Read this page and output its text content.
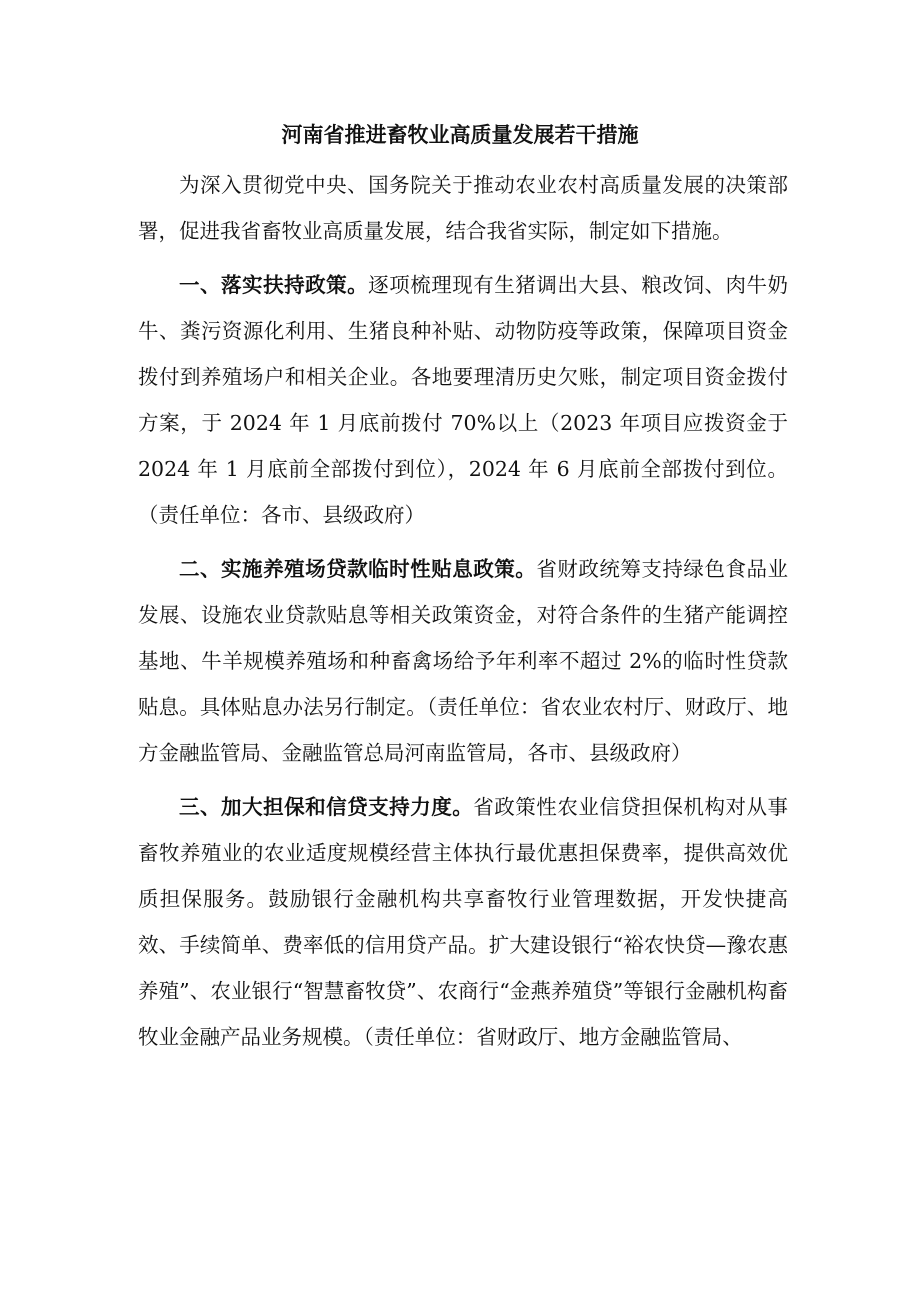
河南省推进畜牧业高质量发展若干措施

为深入贯彻党中央、国务院关于推动农业农村高质量发展的决策部署，促进我省畜牧业高质量发展，结合我省实际，制定如下措施。

一、落实扶持政策。逐项梳理现有生猪调出大县、粮改饲、肉牛奶牛、粪污资源化利用、生猪良种补贴、动物防疫等政策，保障项目资金拨付到养殖场户和相关企业。各地要理清历史欠账，制定项目资金拨付方案，于 2024 年 1 月底前拨付 70%以上（2023 年项目应拨资金于 2024 年 1 月底前全部拨付到位），2024 年 6 月底前全部拨付到位。（责任单位：各市、县级政府）

二、实施养殖场贷款临时性贴息政策。省财政统筹支持绿色食品业发展、设施农业贷款贴息等相关政策资金，对符合条件的生猪产能调控基地、牛羊规模养殖场和种畜禽场给予年利率不超过 2%的临时性贷款贴息。具体贴息办法另行制定。（责任单位：省农业农村厅、财政厅、地方金融监管局、金融监管总局河南监管局，各市、县级政府）

三、加大担保和信贷支持力度。省政策性农业信贷担保机构对从事畜牧养殖业的农业适度规模经营主体执行最优惠担保费率，提供高效优质担保服务。鼓励银行金融机构共享畜牧行业管理数据，开发快捷高效、手续简单、费率低的信用贷产品。扩大建设银行“裕农快贷—豫农惠养殖”、农业银行“智慧畜牧贷”、农商行“金燕养殖贷”等银行金融机构畜牧业金融产品业务规模。（责任单位：省财政厅、地方金融监管局、
